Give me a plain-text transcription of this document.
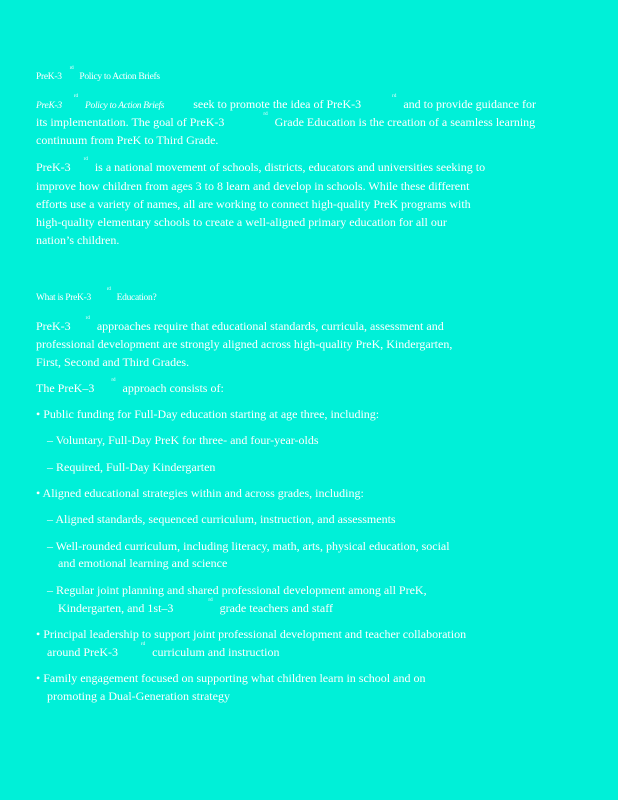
PreK-3 $^{rd}$ Policy to Action Briefs
PreK-3 $^{rd}$ Policy to Action Briefs seek to promote the idea of PreK-3 $^{rd}$ and to provide guidance for
its implementation. The goal of PreK-3 $^{rd}$ Grade Education is the creation of a seamless learning
continuum from PreK to Third Grade.
PreK-3 $^{rd}$ is a national movement of schools, districts, educators and universities seeking to
improve how children from ages 3 to 8 learn and develop in schools. While these different
efforts use a variety of names, all are working to connect high-quality PreK programs with
high-quality elementary schools to create a well-aligned primary education for all our
nation’s children.
What is PreK-3 $^{rd}$ Education?
PreK-3 $^{rd}$ approaches require that educational standards, curricula, assessment and
professional development are strongly aligned across high-quality PreK, Kindergarten,
First, Second and Third Grades.
The PreK–3 $^{rd}$ approach consists of:
• Public funding for Full-Day education starting at age three, including:
– Voluntary, Full-Day PreK for three- and four-year-olds
– Required, Full-Day Kindergarten
• Aligned educational strategies within and across grades, including:
– Aligned standards, sequenced curriculum, instruction, and assessments
– Well-rounded curriculum, including literacy, math, arts, physical education, social
and emotional learning and science
– Regular joint planning and shared professional development among all PreK,
Kindergarten, and 1st–3 $^{rd}$ grade teachers and staff
• Principal leadership to support joint professional development and teacher collaboration
around PreK-3 $^{rd}$ curriculum and instruction
• Family engagement focused on supporting what children learn in school and on
promoting a Dual-Generation strategy
